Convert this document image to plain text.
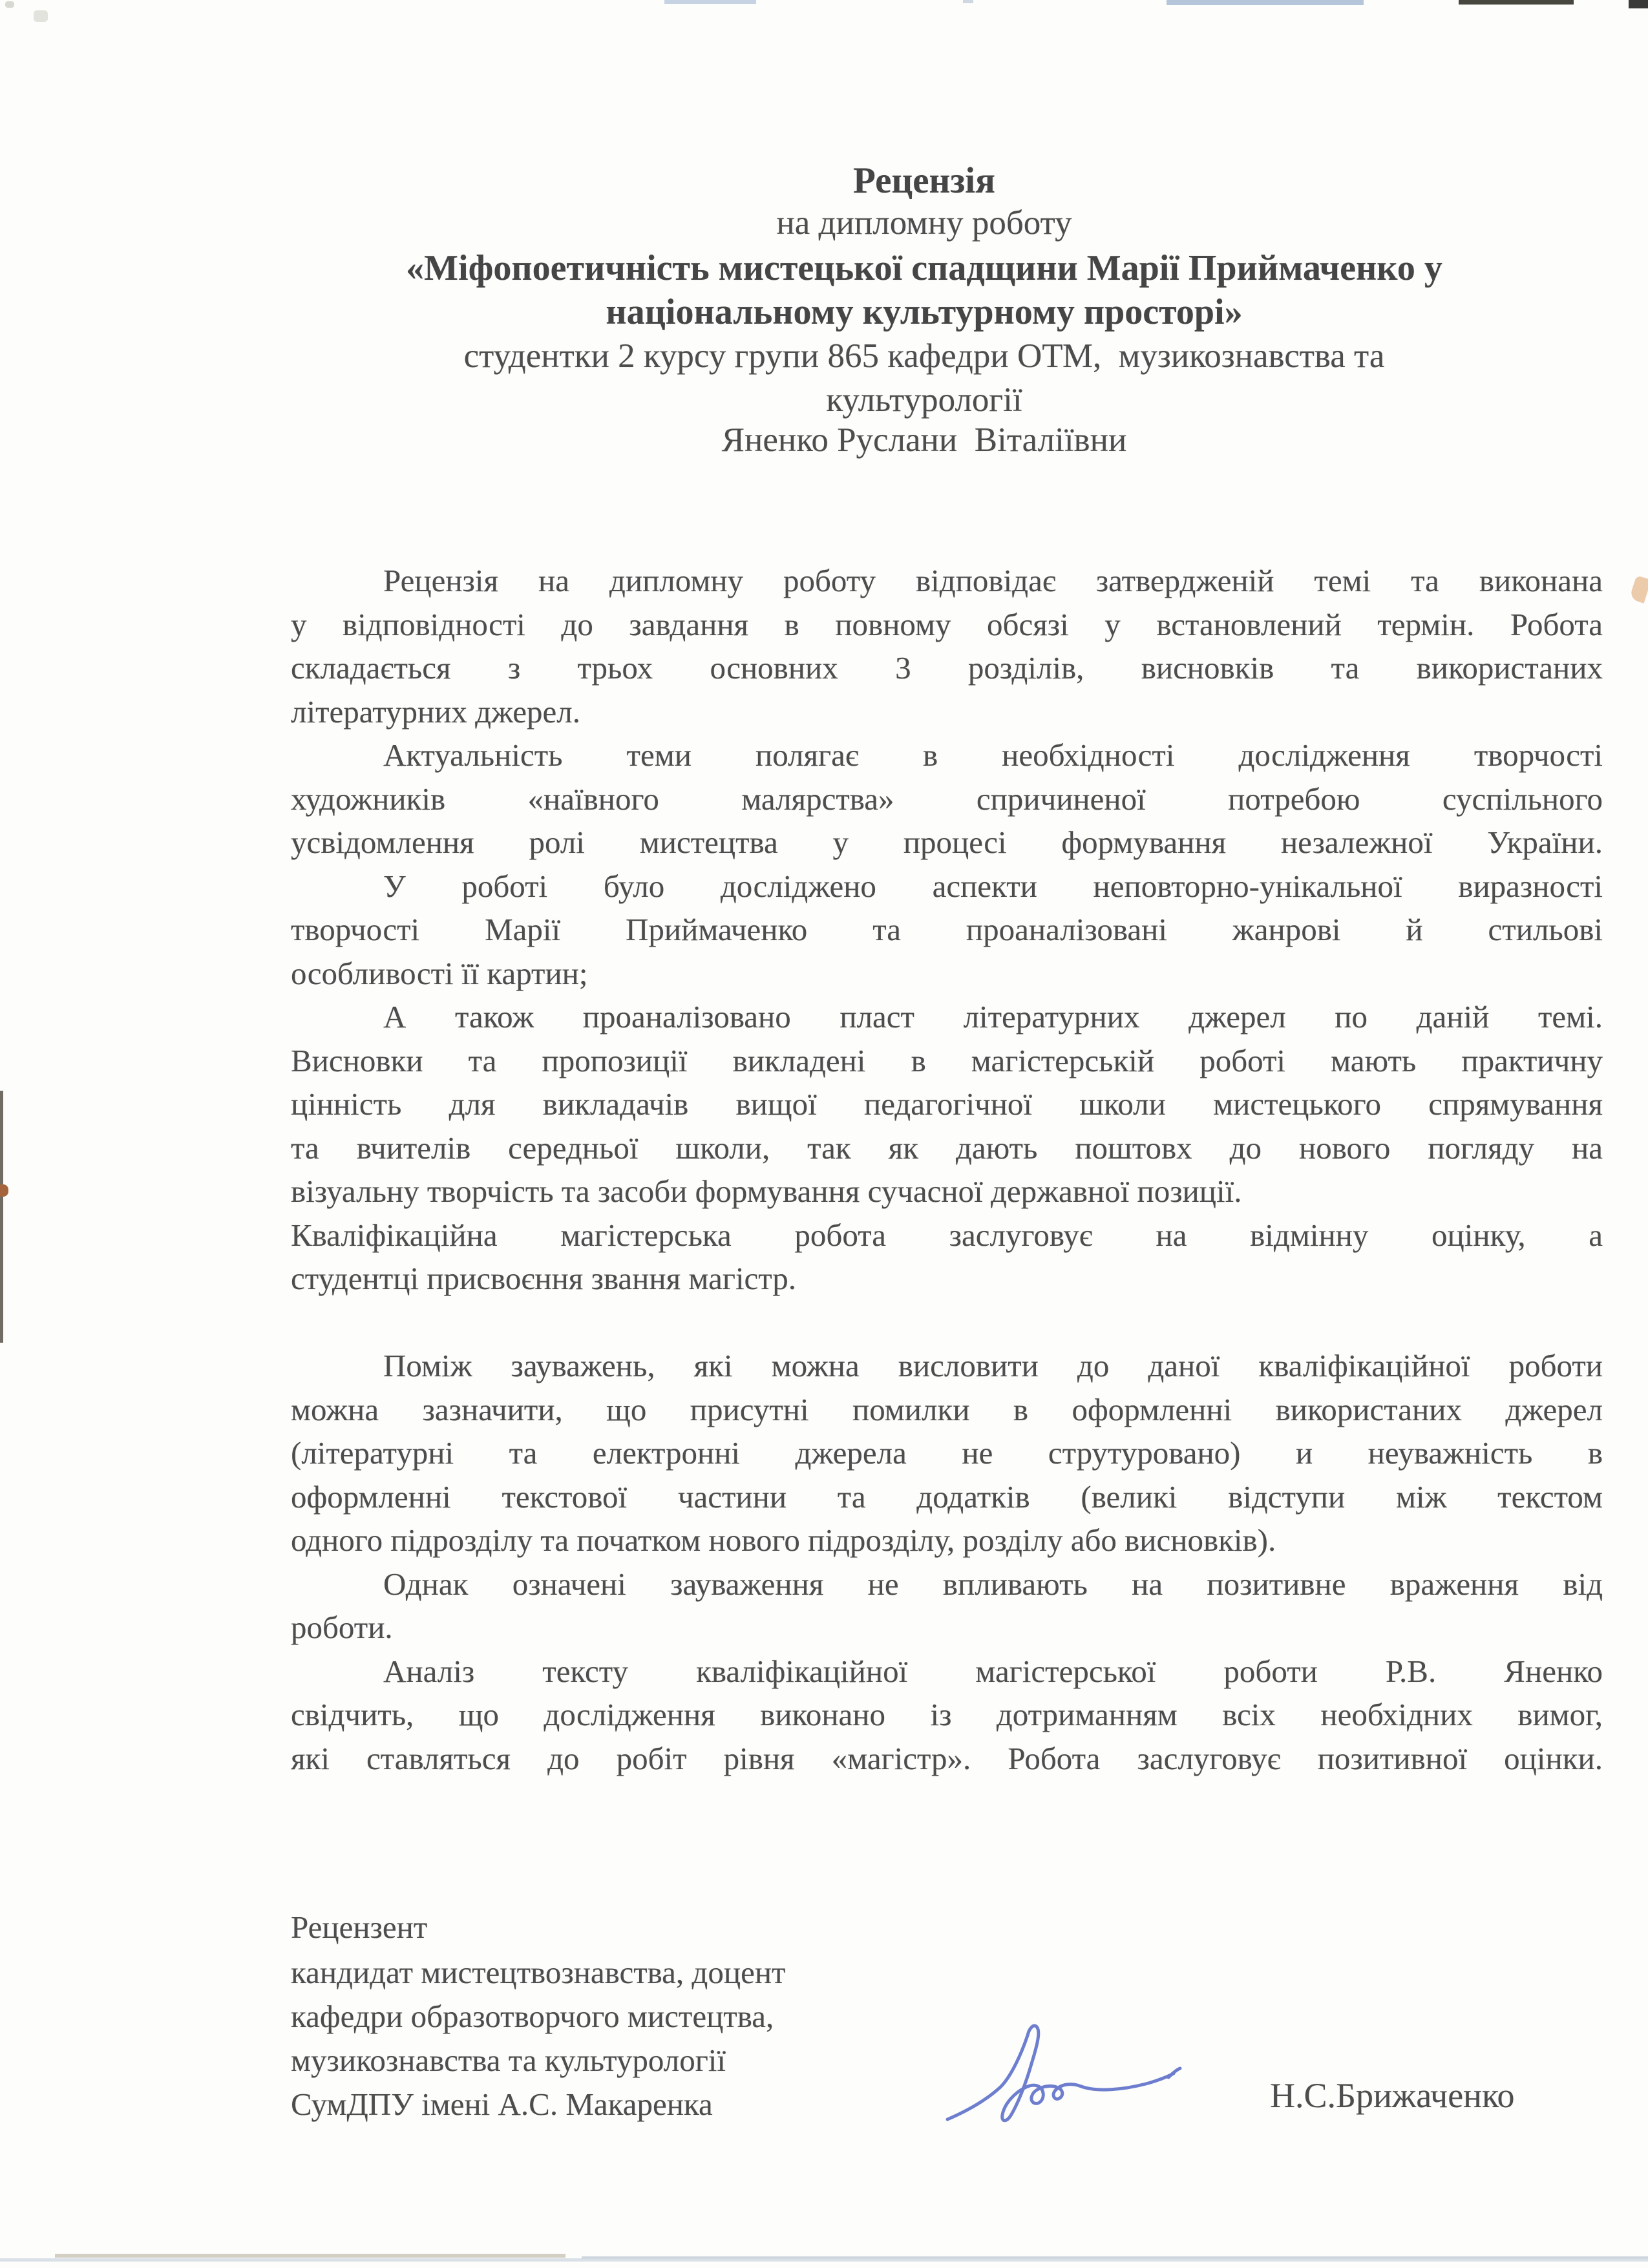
Рецензія
на дипломну роботу
«Міфопоетичність мистецької спадщини Марії Приймаченко у
національному культурному просторі»
студентки 2 курсу групи 865 кафедри ОТМ,  музикознавства та
культурології
Яненко Руслани  Віталіївни
Рецензія на дипломну роботу відповідає затвердженій темі та виконана
у відповідності до завдання в повному обсязі у встановлений термін. Робота
складається з трьох основних 3 розділів, висновків та використаних
літературних джерел.
Актуальність теми полягає в необхідності дослідження творчості
художників «наївного малярства» спричиненої потребою суспільного
усвідомлення ролі мистецтва у процесі формування незалежної України.
У роботі було досліджено аспекти неповторно-унікальної виразності
творчості Марії Приймаченко та проаналізовані жанрові й стильові
особливості її картин;
А також проаналізовано пласт літературних джерел по даній темі.
Висновки та пропозиції викладені в магістерській роботі мають практичну
цінність для викладачів вищої педагогічної школи мистецького спрямування
та вчителів середньої школи, так як дають поштовх до нового погляду на
візуальну творчість та засоби формування сучасної державної позиції.
Кваліфікаційна магістерська робота заслуговує на відмінну оцінку, а
студентці присвоєння звання магістр.
Поміж зауважень, які можна висловити до даної кваліфікаційної роботи
можна зазначити, що присутні помилки в оформленні використаних джерел
(літературні та електронні джерела не струтуровано) и неуважність в
оформленні текстової частини та додатків (великі відступи між текстом
одного підрозділу та початком нового підрозділу, розділу або висновків).
Однак означені зауваження не впливають на позитивне враження від
роботи.
Аналіз тексту кваліфікаційної магістерської роботи Р.В. Яненко
свідчить, що дослідження виконано із дотриманням всіх необхідних вимог,
які ставляться до робіт рівня «магістр». Робота заслуговує позитивної оцінки.
Рецензент
кандидат мистецтвознавства, доцент
кафедри образотворчого мистецтва,
музикознавства та культурології
СумДПУ імені А.С. Макаренка	Н.С.Брижаченко
